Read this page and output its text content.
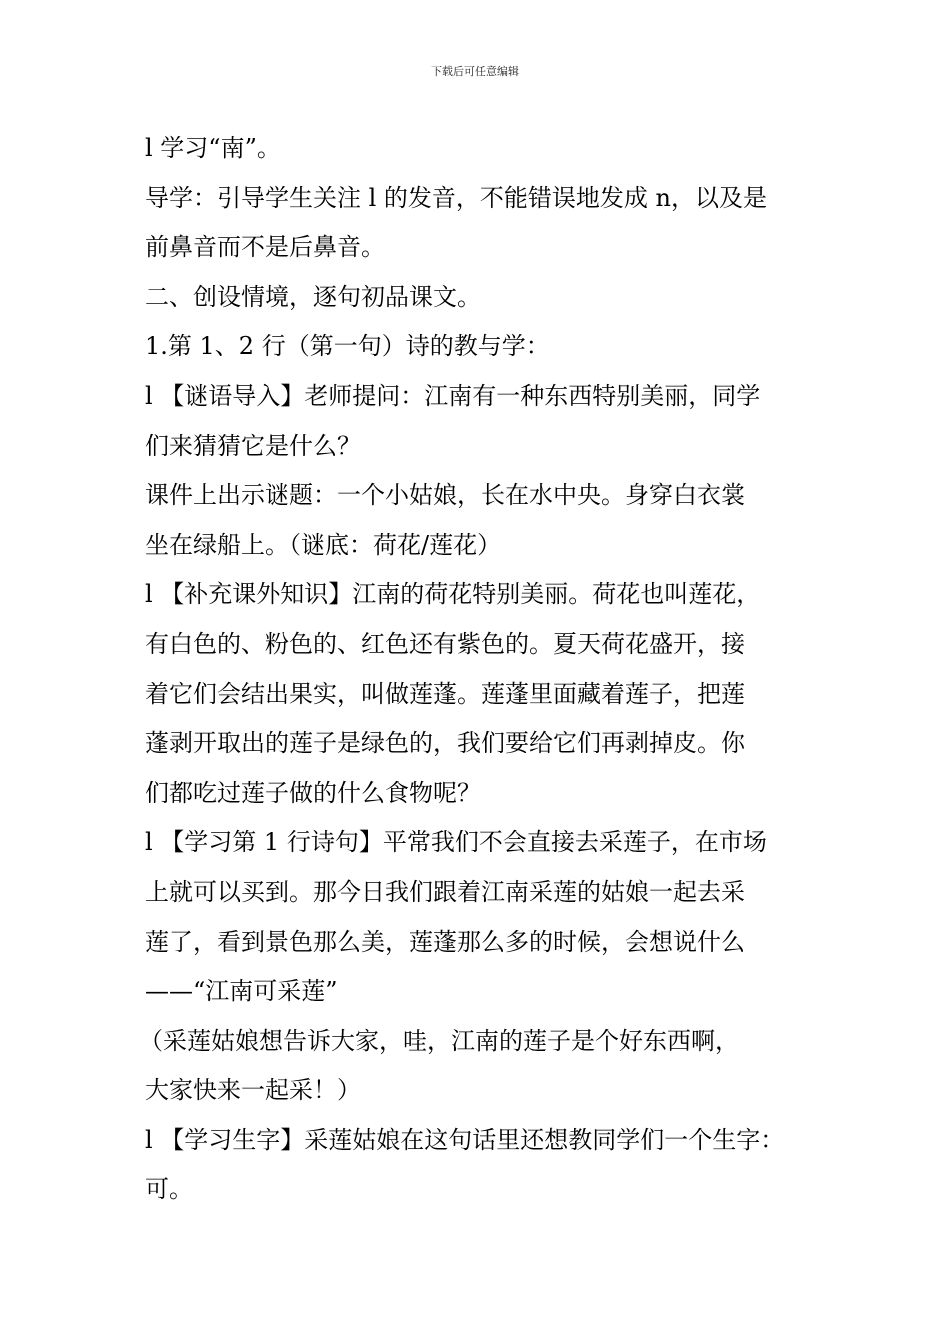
下载后可任意编辑

l 学习“南”。

导学：引导学生关注 l 的发音，不能错误地发成 n，以及是

前鼻音而不是后鼻音。

二、创设情境，逐句初品课文。

1.第 1、2 行（第一句）诗的教与学：

l 【谜语导入】老师提问：江南有一种东西特别美丽，同学

们来猜猜它是什么？

课件上出示谜题：一个小姑娘，长在水中央。身穿白衣裳

坐在绿船上。（谜底：荷花/莲花）

l 【补充课外知识】江南的荷花特别美丽。荷花也叫莲花，

有白色的、粉色的、红色还有紫色的。夏天荷花盛开，接

着它们会结出果实，叫做莲蓬。莲蓬里面藏着莲子，把莲

蓬剥开取出的莲子是绿色的，我们要给它们再剥掉皮。你

们都吃过莲子做的什么食物呢？

l 【学习第 1 行诗句】平常我们不会直接去采莲子，在市场

上就可以买到。那今日我们跟着江南采莲的姑娘一起去采

莲了，看到景色那么美，莲蓬那么多的时候，会想说什么

——“江南可采莲”

（采莲姑娘想告诉大家，哇，江南的莲子是个好东西啊，

大家快来一起采！）

l 【学习生字】采莲姑娘在这句话里还想教同学们一个生字：

可。
